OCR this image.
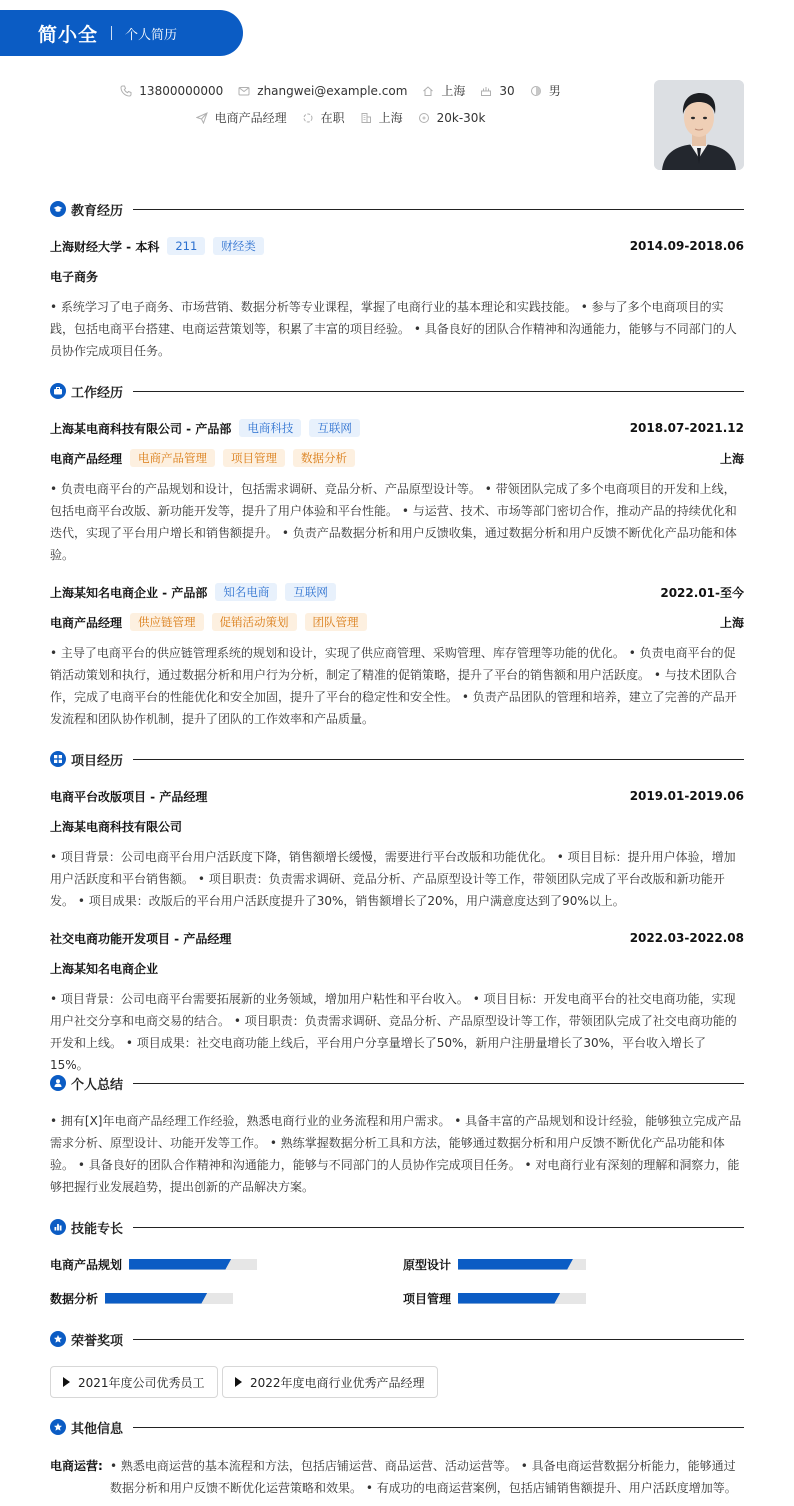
简小全 个人简历
13800000000	zhangwei@example.com	上海	30	男
电商产品经理	在职	上海	20k-30k
教育经历
上海财经大学 - 本科	211	财经类	2014.09-2018.06
电子商务
• 系统学习了电子商务、市场营销、数据分析等专业课程，掌握了电商行业的基本理论和实践技能。 • 参与了多个电商项目的实践，包括电商平台搭建、电商运营策划等，积累了丰富的项目经验。 • 具备良好的团队合作精神和沟通能力，能够与不同部门的人员协作完成项目任务。
工作经历
上海某电商科技有限公司 - 产品部	电商科技	互联网	2018.07-2021.12
电商产品经理	电商产品管理	项目管理	数据分析	上海
• 负责电商平台的产品规划和设计，包括需求调研、竞品分析、产品原型设计等。 • 带领团队完成了多个电商项目的开发和上线，包括电商平台改版、新功能开发等，提升了用户体验和平台性能。 • 与运营、技术、市场等部门密切合作，推动产品的持续优化和迭代，实现了平台用户增长和销售额提升。 • 负责产品数据分析和用户反馈收集，通过数据分析和用户反馈不断优化产品功能和体验。
上海某知名电商企业 - 产品部	知名电商	互联网	2022.01-至今
电商产品经理	供应链管理	促销活动策划	团队管理	上海
• 主导了电商平台的供应链管理系统的规划和设计，实现了供应商管理、采购管理、库存管理等功能的优化。 • 负责电商平台的促销活动策划和执行，通过数据分析和用户行为分析，制定了精准的促销策略，提升了平台的销售额和用户活跃度。 • 与技术团队合作，完成了电商平台的性能优化和安全加固，提升了平台的稳定性和安全性。 • 负责产品团队的管理和培养，建立了完善的产品开发流程和团队协作机制，提升了团队的工作效率和产品质量。
项目经历
电商平台改版项目 - 产品经理	2019.01-2019.06
上海某电商科技有限公司
• 项目背景：公司电商平台用户活跃度下降，销售额增长缓慢，需要进行平台改版和功能优化。 • 项目目标：提升用户体验，增加用户活跃度和平台销售额。 • 项目职责：负责需求调研、竞品分析、产品原型设计等工作，带领团队完成了平台改版和新功能开发。 • 项目成果：改版后的平台用户活跃度提升了30%，销售额增长了20%，用户满意度达到了90%以上。
社交电商功能开发项目 - 产品经理	2022.03-2022.08
上海某知名电商企业
• 项目背景：公司电商平台需要拓展新的业务领域，增加用户粘性和平台收入。 • 项目目标：开发电商平台的社交电商功能，实现用户社交分享和电商交易的结合。 • 项目职责：负责需求调研、竞品分析、产品原型设计等工作，带领团队完成了社交电商功能的开发和上线。 • 项目成果：社交电商功能上线后，平台用户分享量增长了50%，新用户注册量增长了30%，平台收入增长了15%。
个人总结
• 拥有[X]年电商产品经理工作经验，熟悉电商行业的业务流程和用户需求。 • 具备丰富的产品规划和设计经验，能够独立完成产品需求分析、原型设计、功能开发等工作。 • 熟练掌握数据分析工具和方法，能够通过数据分析和用户反馈不断优化产品功能和体验。 • 具备良好的团队合作精神和沟通能力，能够与不同部门的人员协作完成项目任务。 • 对电商行业有深刻的理解和洞察力，能够把握行业发展趋势，提出创新的产品解决方案。
技能专长
电商产品规划	原型设计
数据分析	项目管理
荣誉奖项
2021年度公司优秀员工	2022年度电商行业优秀产品经理
其他信息
电商运营: • 熟悉电商运营的基本流程和方法，包括店铺运营、商品运营、活动运营等。 • 具备电商运营数据分析能力，能够通过数据分析和用户反馈不断优化运营策略和效果。 • 有成功的电商运营案例，包括店铺销售额提升、用户活跃度增加等。
